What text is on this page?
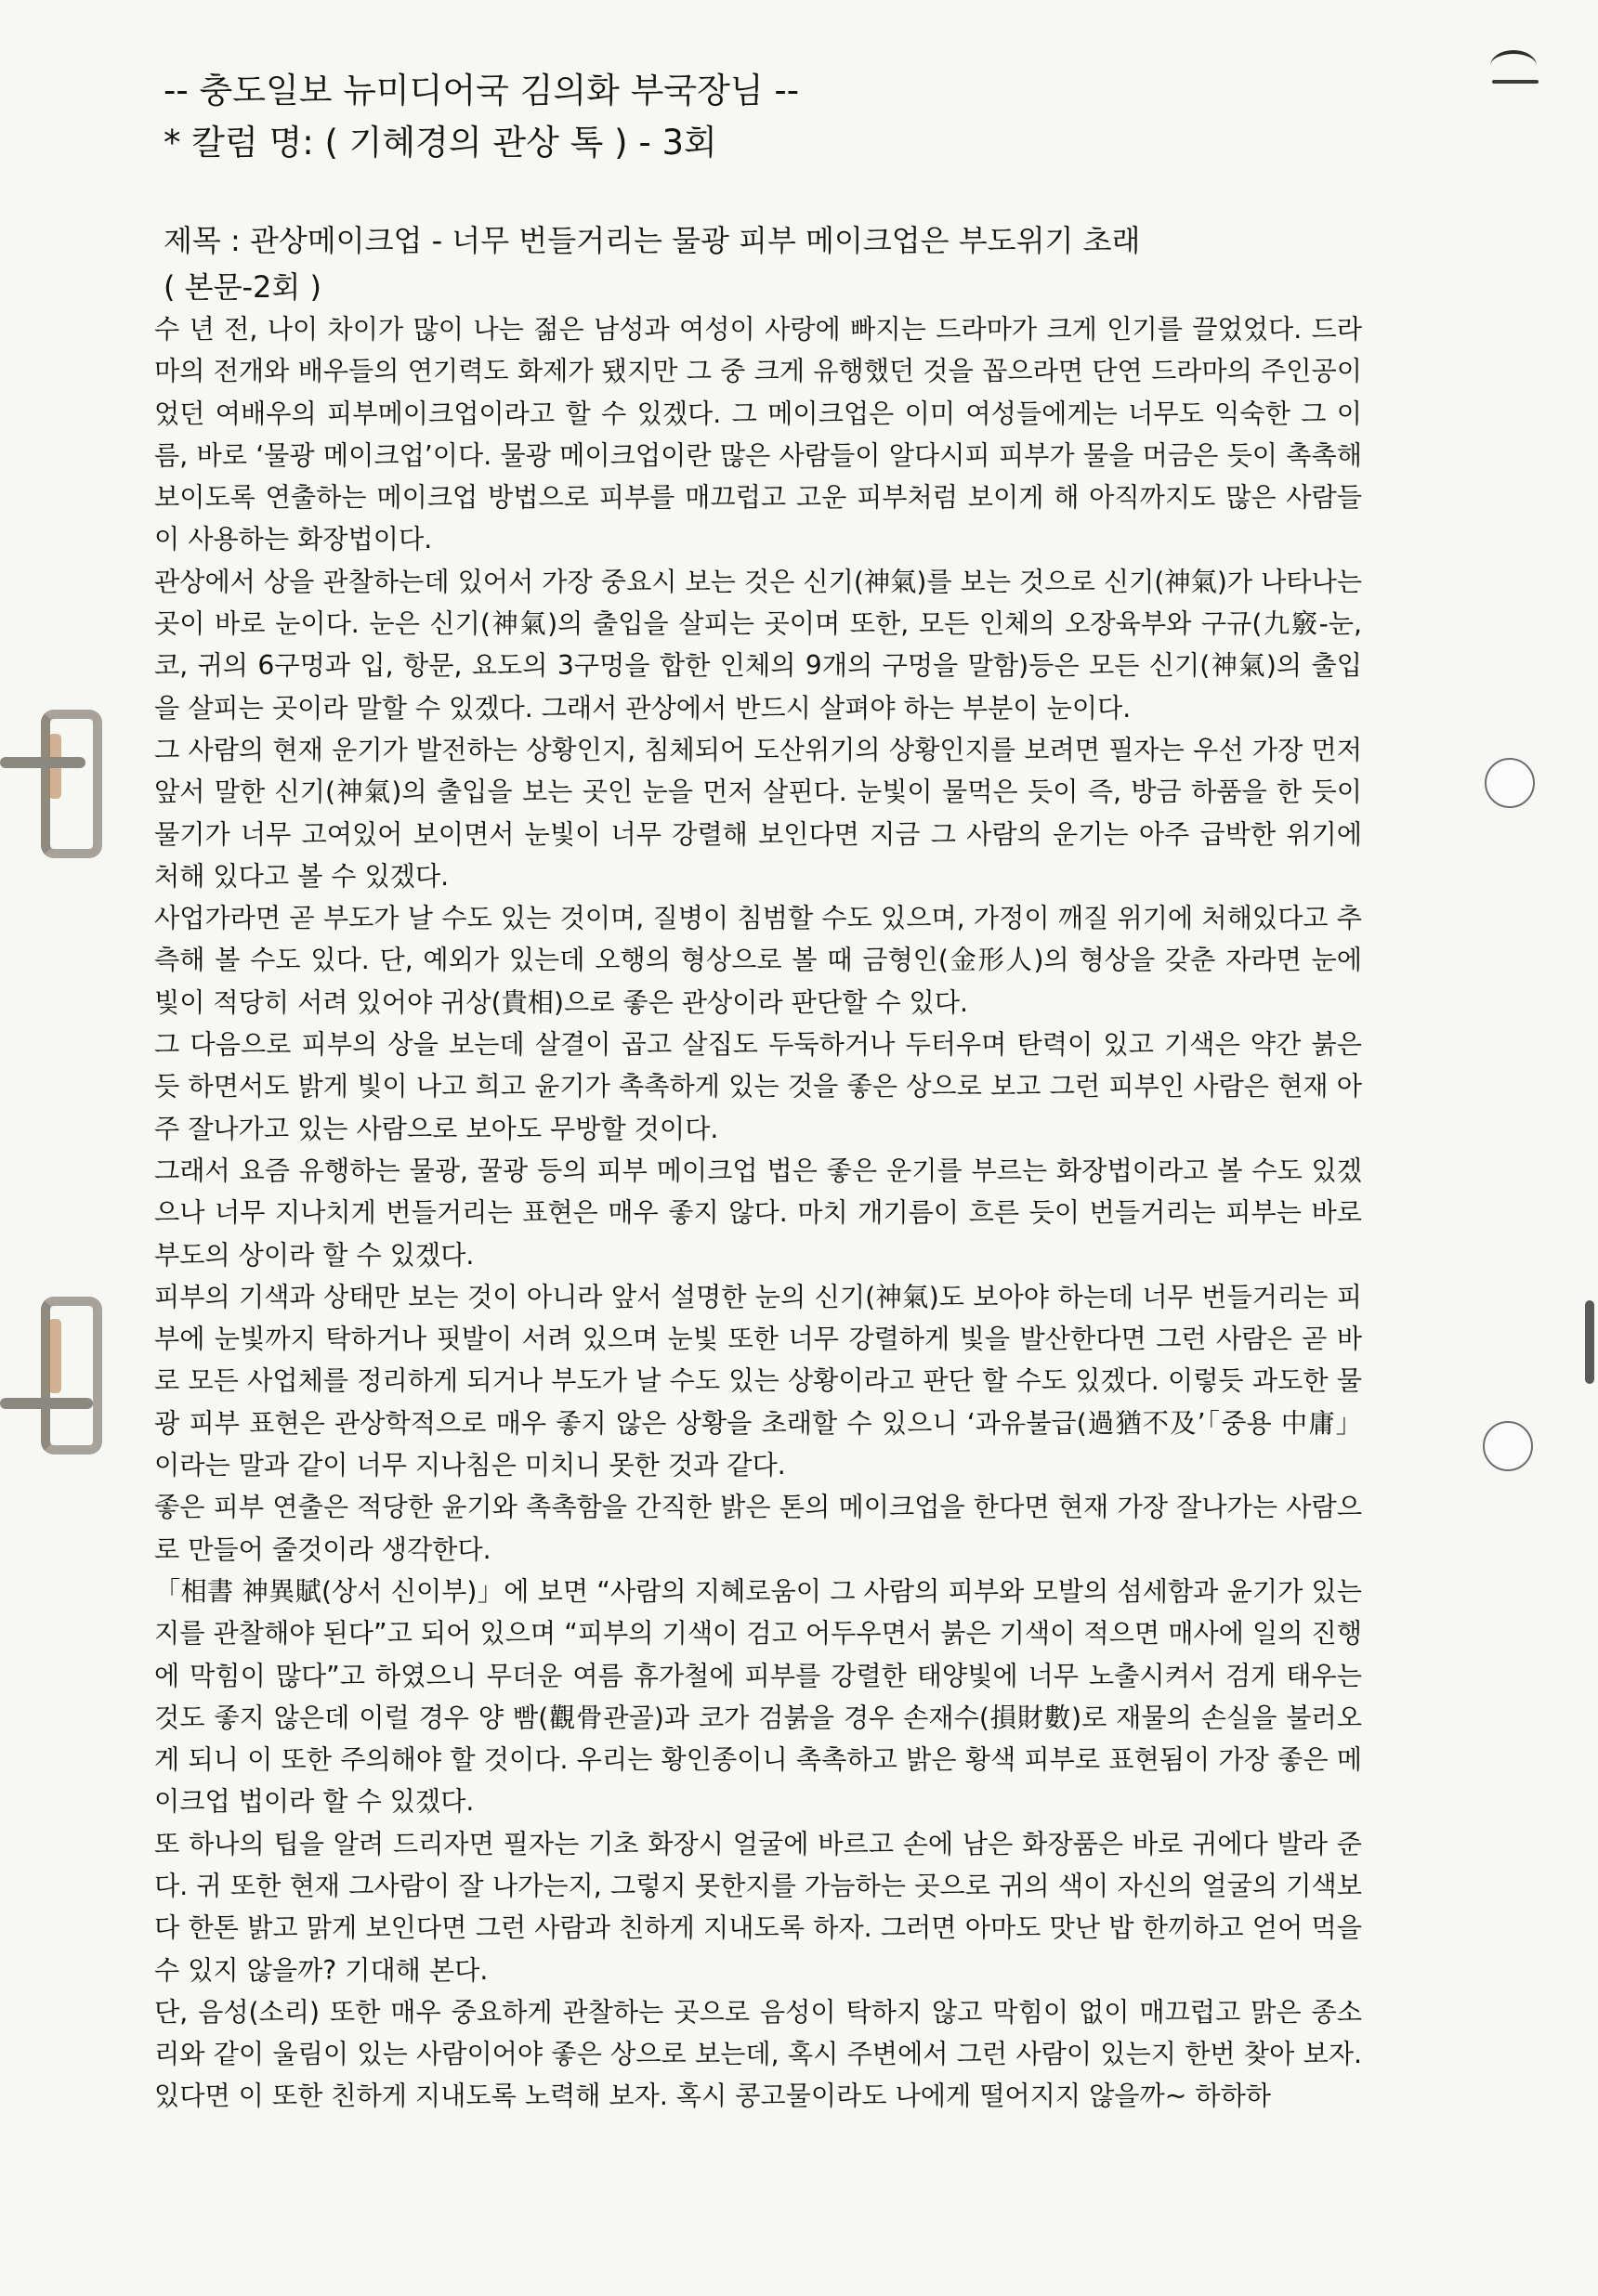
-- 충도일보 뉴미디어국 김의화 부국장님 --
* 칼럼 명: ( 기혜경의 관상 톡 ) - 3회
제목 : 관상메이크업 - 너무 번들거리는 물광 피부 메이크업은 부도위기 초래
( 본문-2회 )

수 년 전, 나이 차이가 많이 나는 젊은 남성과 여성이 사랑에 빠지는 드라마가 크게 인기를 끌었었다. 드라마의 전개와 배우들의 연기력도 화제가 됐지만 그 중 크게 유행했던 것을 꼽으라면 단연 드라마의 주인공이었던 여배우의 피부메이크업이라고 할 수 있겠다. 그 메이크업은 이미 여성들에게는 너무도 익숙한 그 이름, 바로 ‘물광 메이크업’이다. 물광 메이크업이란 많은 사람들이 알다시피 피부가 물을 머금은 듯이 촉촉해보이도록 연출하는 메이크업 방법으로 피부를 매끄럽고 고운 피부처럼 보이게 해 아직까지도 많은 사람들이 사용하는 화장법이다.

관상에서 상을 관찰하는데 있어서 가장 중요시 보는 것은 신기(神氣)를 보는 것으로 신기(神氣)가 나타나는 곳이 바로 눈이다. 눈은 신기(神氣)의 출입을 살피는 곳이며 또한, 모든 인체의 오장육부와 구규(九竅-눈, 코, 귀의 6구멍과 입, 항문, 요도의 3구멍을 합한 인체의 9개의 구멍을 말함)등은 모든 신기(神氣)의 출입을 살피는 곳이라 말할 수 있겠다. 그래서 관상에서 반드시 살펴야 하는 부분이 눈이다.

그 사람의 현재 운기가 발전하는 상황인지, 침체되어 도산위기의 상황인지를 보려면 필자는 우선 가장 먼저 앞서 말한 신기(神氣)의 출입을 보는 곳인 눈을 먼저 살핀다. 눈빛이 물먹은 듯이 즉, 방금 하품을 한 듯이 물기가 너무 고여있어 보이면서 눈빛이 너무 강렬해 보인다면 지금 그 사람의 운기는 아주 급박한 위기에 처해 있다고 볼 수 있겠다.

사업가라면 곧 부도가 날 수도 있는 것이며, 질병이 침범할 수도 있으며, 가정이 깨질 위기에 처해있다고 추측해 볼 수도 있다. 단, 예외가 있는데 오행의 형상으로 볼 때 금형인(金形人)의 형상을 갖춘 자라면 눈에 빛이 적당히 서려 있어야 귀상(貴相)으로 좋은 관상이라 판단할 수 있다.

그 다음으로 피부의 상을 보는데 살결이 곱고 살집도 두둑하거나 두터우며 탄력이 있고 기색은 약간 붉은 듯 하면서도 밝게 빛이 나고 희고 윤기가 촉촉하게 있는 것을 좋은 상으로 보고 그런 피부인 사람은 현재 아주 잘나가고 있는 사람으로 보아도 무방할 것이다.

그래서 요즘 유행하는 물광, 꿀광 등의 피부 메이크업 법은 좋은 운기를 부르는 화장법이라고 볼 수도 있겠으나 너무 지나치게 번들거리는 표현은 매우 좋지 않다. 마치 개기름이 흐른 듯이 번들거리는 피부는 바로 부도의 상이라 할 수 있겠다.

피부의 기색과 상태만 보는 것이 아니라 앞서 설명한 눈의 신기(神氣)도 보아야 하는데 너무 번들거리는 피부에 눈빛까지 탁하거나 핏발이 서려 있으며 눈빛 또한 너무 강렬하게 빛을 발산한다면 그런 사람은 곧 바로 모든 사업체를 정리하게 되거나 부도가 날 수도 있는 상황이라고 판단 할 수도 있겠다. 이렇듯 과도한 물광 피부 표현은 관상학적으로 매우 좋지 않은 상황을 초래할 수 있으니 ‘과유불급(過猶不及’「중용 中庸」이라는 말과 같이 너무 지나침은 미치니 못한 것과 같다.

좋은 피부 연출은 적당한 윤기와 촉촉함을 간직한 밝은 톤의 메이크업을 한다면 현재 가장 잘나가는 사람으로 만들어 줄것이라 생각한다.

「相書 神異賦(상서 신이부)」에 보면 “사람의 지혜로움이 그 사람의 피부와 모발의 섬세함과 윤기가 있는지를 관찰해야 된다”고 되어 있으며 “피부의 기색이 검고 어두우면서 붉은 기색이 적으면 매사에 일의 진행에 막힘이 많다”고 하였으니 무더운 여름 휴가철에 피부를 강렬한 태양빛에 너무 노출시켜서 검게 태우는 것도 좋지 않은데 이럴 경우 양 빰(觀骨관골)과 코가 검붉을 경우 손재수(損財數)로 재물의 손실을 불러오게 되니 이 또한 주의해야 할 것이다. 우리는 황인종이니 촉촉하고 밝은 황색 피부로 표현됨이 가장 좋은 메이크업 법이라 할 수 있겠다.

또 하나의 팁을 알려 드리자면 필자는 기초 화장시 얼굴에 바르고 손에 남은 화장품은 바로 귀에다 발라 준다. 귀 또한 현재 그사람이 잘 나가는지, 그렇지 못한지를 가늠하는 곳으로 귀의 색이 자신의 얼굴의 기색보다 한톤 밝고 맑게 보인다면 그런 사람과 친하게 지내도록 하자. 그러면 아마도 맛난 밥 한끼하고 얻어 먹을 수 있지 않을까? 기대해 본다.

단, 음성(소리) 또한 매우 중요하게 관찰하는 곳으로 음성이 탁하지 않고 막힘이 없이 매끄럽고 맑은 종소리와 같이 울림이 있는 사람이어야 좋은 상으로 보는데, 혹시 주변에서 그런 사람이 있는지 한번 찾아 보자. 있다면 이 또한 친하게 지내도록 노력해 보자. 혹시 콩고물이라도 나에게 떨어지지 않을까~ 하하하
